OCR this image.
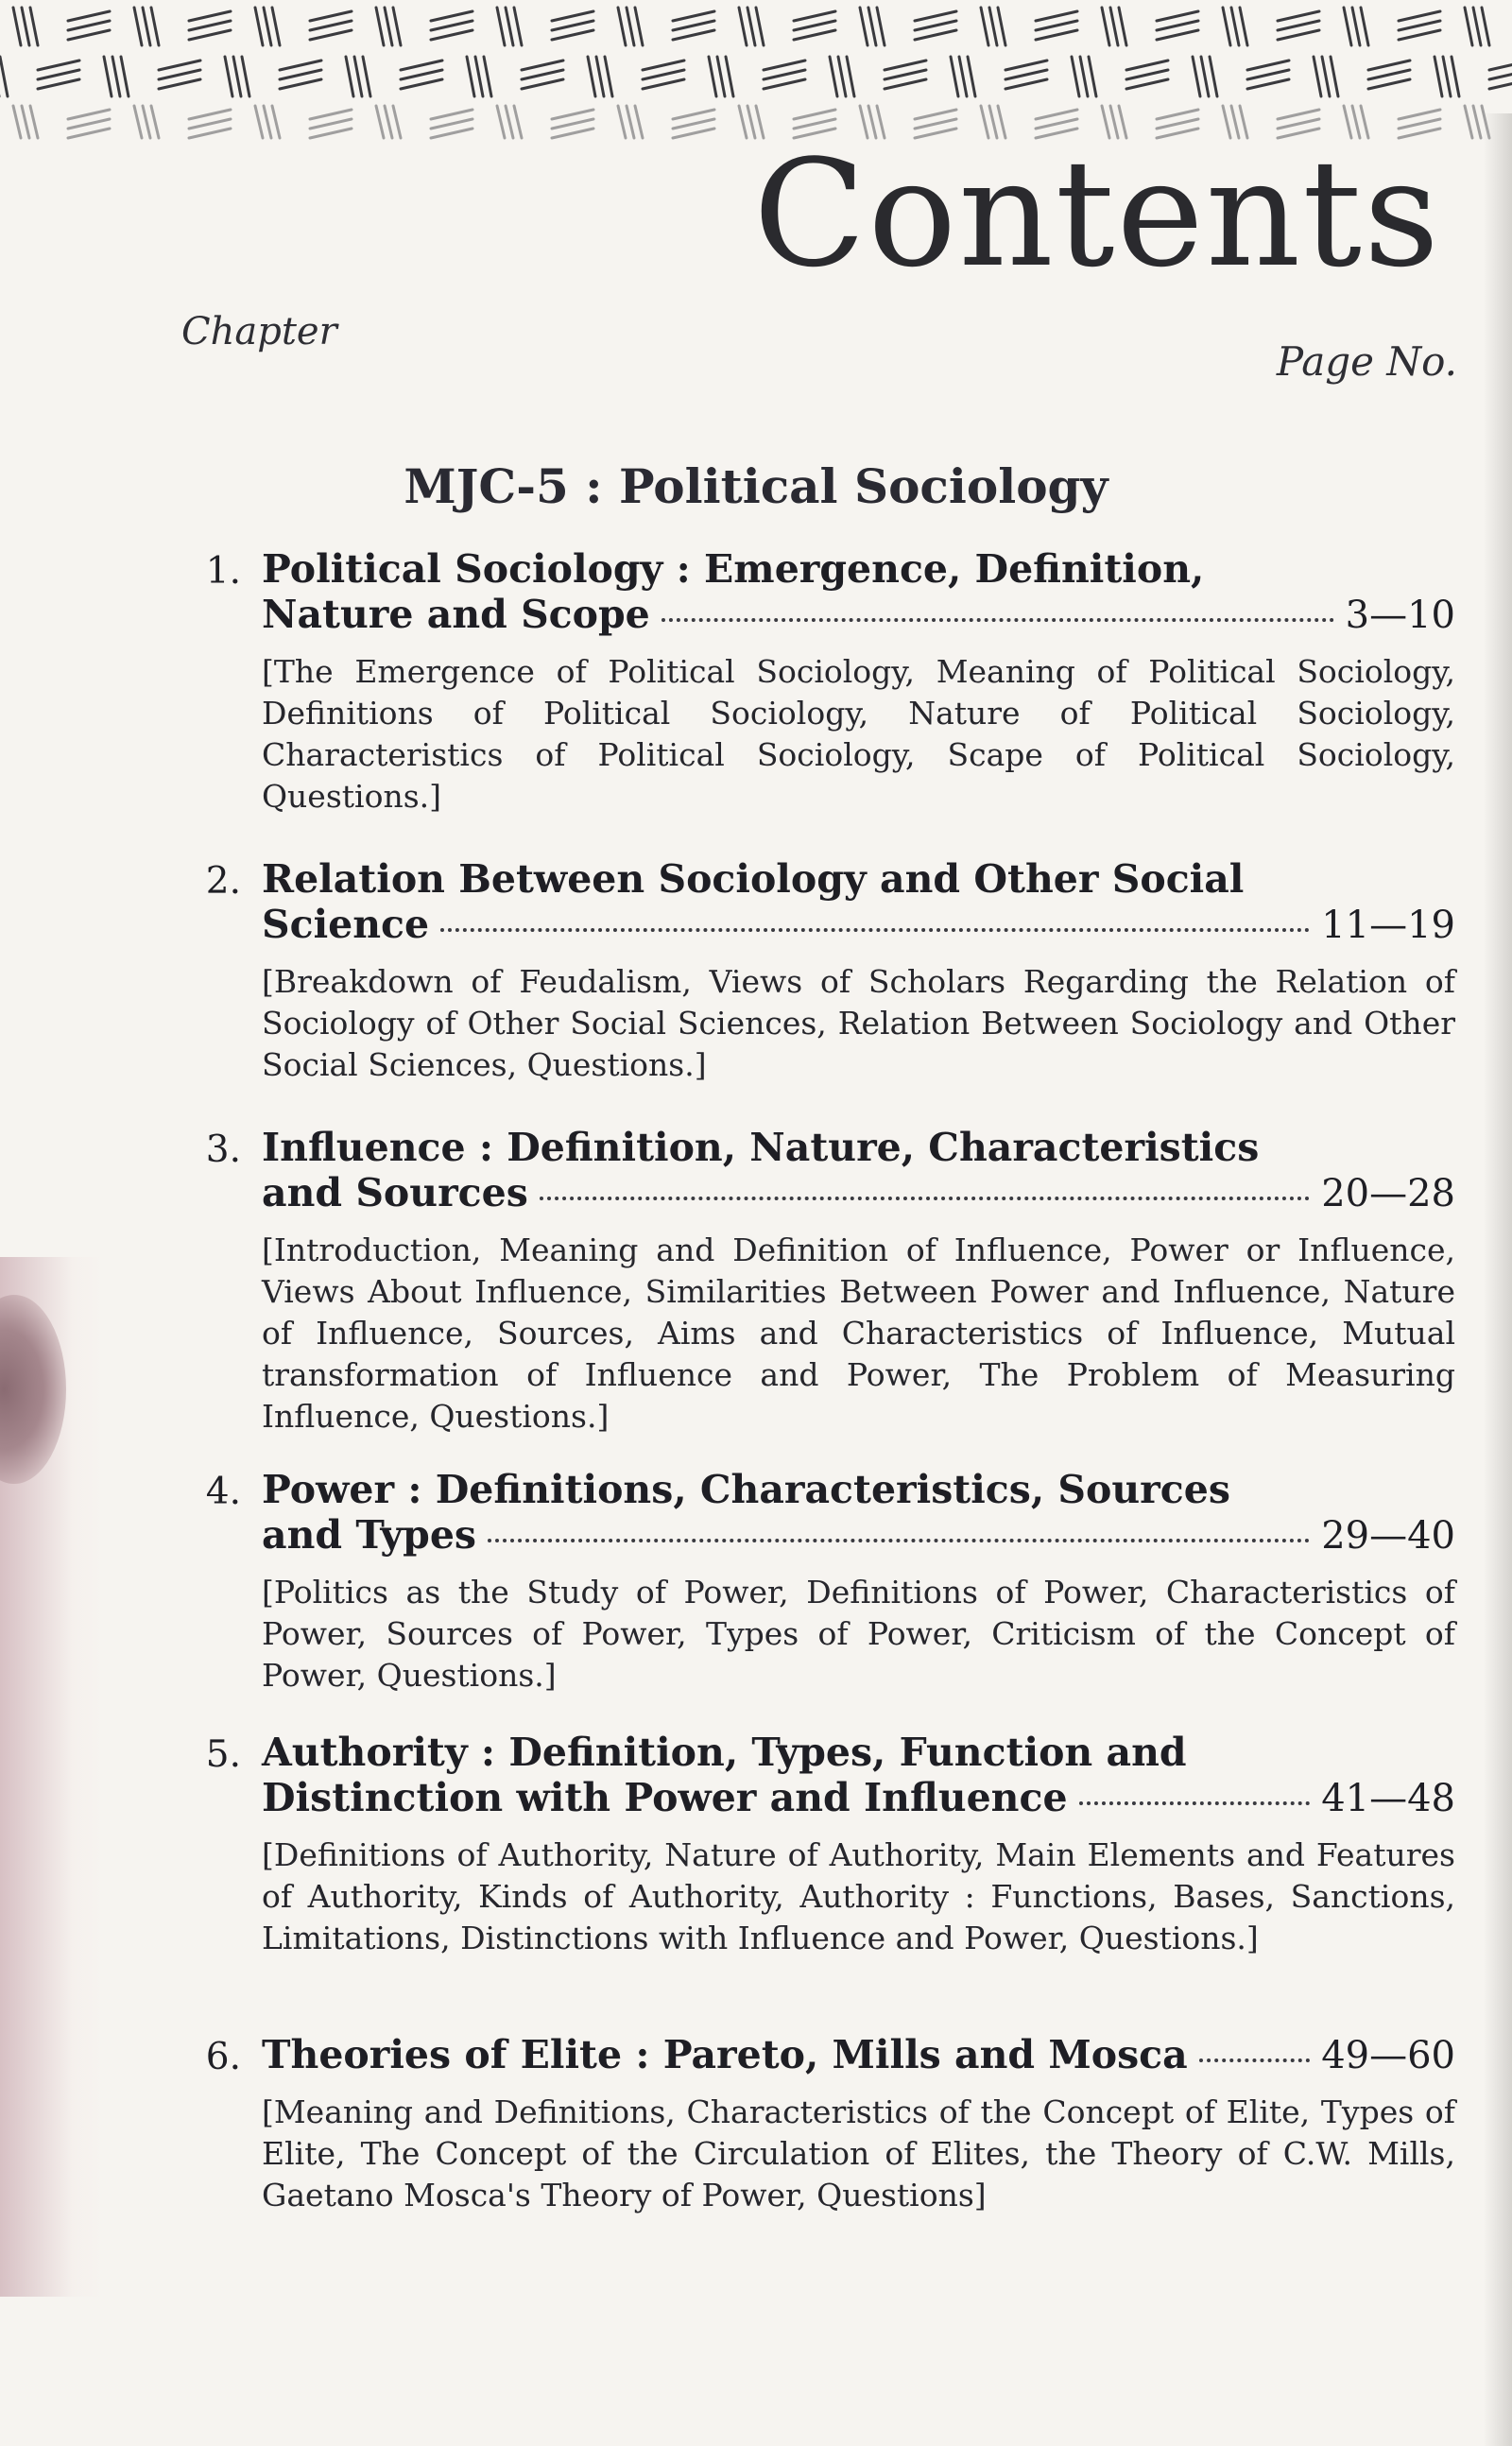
Contents
Chapter
Page No.
MJC-5 : Political Sociology
1. Political Sociology : Emergence, Definition,
Nature and Scope	3—10
[The Emergence of Political Sociology, Meaning of Political Sociology, Definitions of Political Sociology, Nature of Political Sociology, Characteristics of Political Sociology, Scape of Political Sociology, Questions.]
2. Relation Between Sociology and Other Social
Science	11—19
[Breakdown of Feudalism, Views of Scholars Regarding the Relation of Sociology of Other Social Sciences, Relation Between Sociology and Other Social Sciences, Questions.]
3. Influence : Definition, Nature, Characteristics
and Sources	20—28
[Introduction, Meaning and Definition of Influence, Power or Influence, Views About Influence, Similarities Between Power and Influence, Nature of Influence, Sources, Aims and Characteristics of Influence, Mutual transformation of Influence and Power, The Problem of Measuring Influence, Questions.]
4. Power : Definitions, Characteristics, Sources
and Types	29—40
[Politics as the Study of Power, Definitions of Power, Characteristics of Power, Sources of Power, Types of Power, Criticism of the Concept of Power, Questions.]
5. Authority : Definition, Types, Function and
Distinction with Power and Influence	41—48
[Definitions of Authority, Nature of Authority, Main Elements and Features of Authority, Kinds of Authority, Authority : Functions, Bases, Sanctions, Limitations, Distinctions with Influence and Power, Questions.]
6. Theories of Elite : Pareto, Mills and Mosca	49—60
[Meaning and Definitions, Characteristics of the Concept of Elite, Types of Elite, The Concept of the Circulation of Elites, the Theory of C.W. Mills, Gaetano Mosca's Theory of Power, Questions]
